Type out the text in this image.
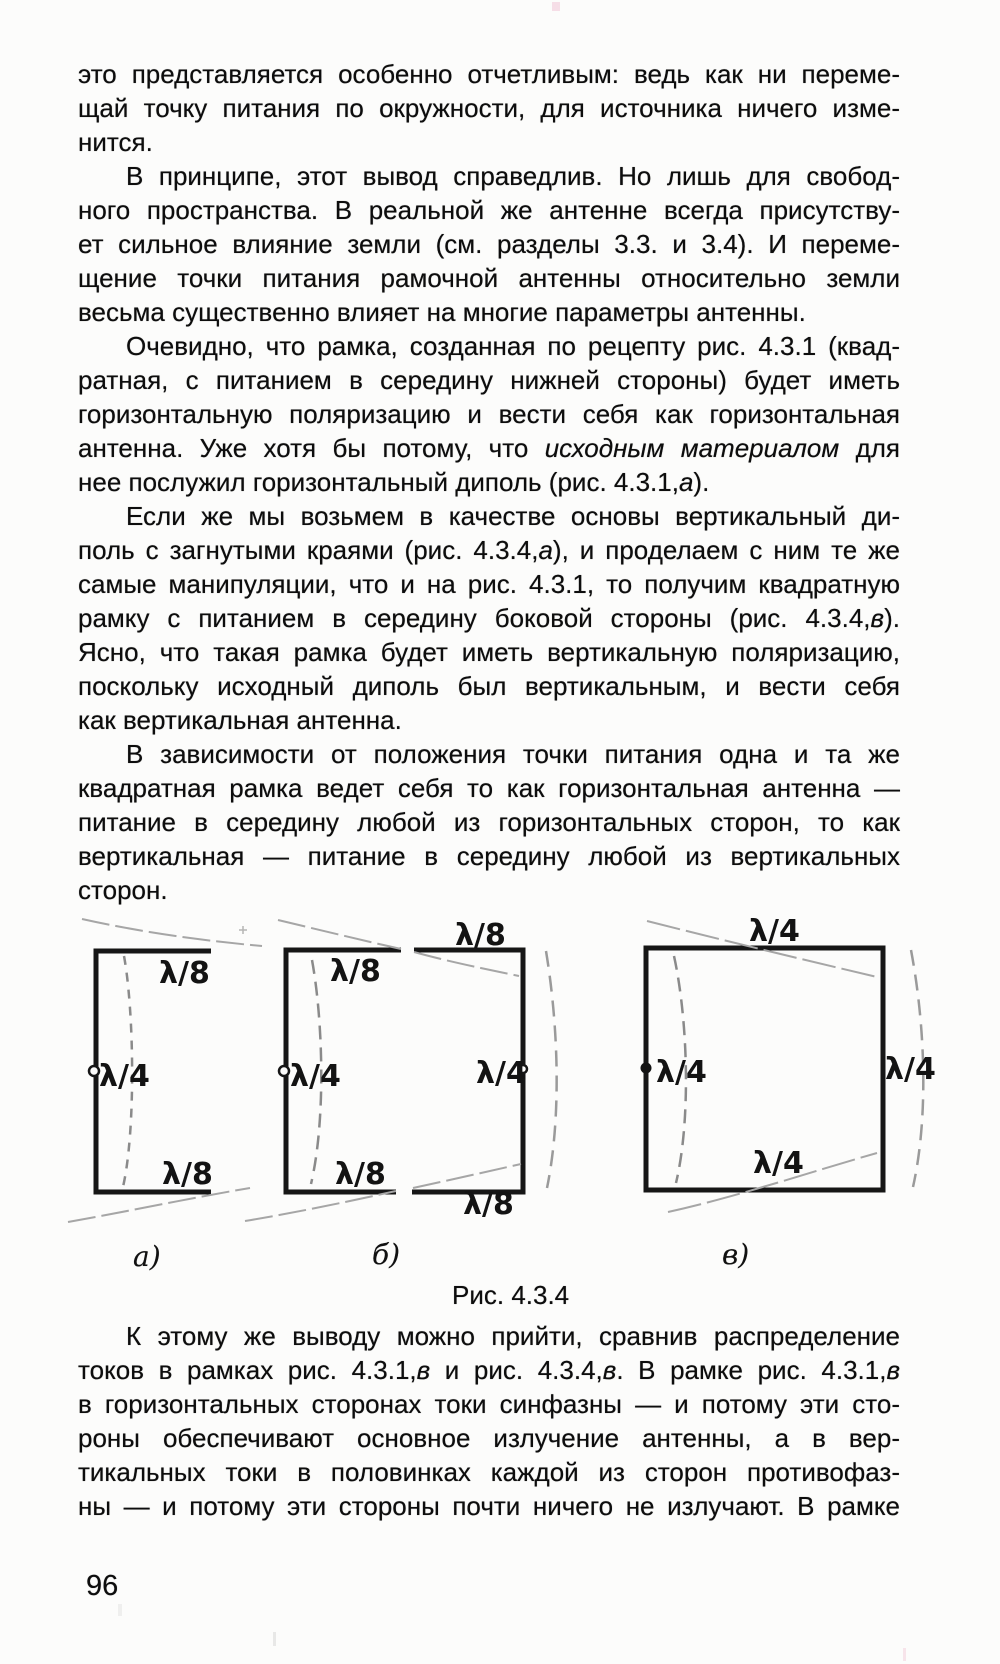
это представляется особенно отчетливым: ведь как ни переме-
щай точку питания по окружности, для источника ничего изме-
нится.
В принципе, этот вывод справедлив. Но лишь для свобод-
ного пространства. В реальной же антенне всегда присутству-
ет сильное влияние земли (см. разделы 3.3. и 3.4). И переме-
щение точки питания рамочной антенны относительно земли
весьма существенно влияет на многие параметры антенны.
Очевидно, что рамка, созданная по рецепту рис. 4.3.1 (квад-
ратная, с питанием в середину нижней стороны) будет иметь
горизонтальную поляризацию и вести себя как горизонтальная
антенна. Уже хотя бы потому, что исходным материалом для
нее послужил горизонтальный диполь (рис. 4.3.1,а).
Если же мы возьмем в качестве основы вертикальный ди-
поль с загнутыми краями (рис. 4.3.4,а), и проделаем с ним те же
самые манипуляции, что и на рис. 4.3.1, то получим квадратную
рамку с питанием в середину боковой стороны (рис. 4.3.4,в).
Ясно, что такая рамка будет иметь вертикальную поляризацию,
поскольку исходный диполь был вертикальным, и вести себя
как вертикальная антенна.
В зависимости от положения точки питания одна и та же
квадратная рамка ведет себя то как горизонтальная антенна —
питание в середину любой из горизонтальных сторон, то как
вертикальная — питание в середину любой из вертикальных
сторон.
λ/8
λ/4
λ/8
λ/8
λ/8
λ/4	λ/4
λ/8
λ/8
λ/4
λ/4	λ/4
λ/4
а)	б)	в)
Рис. 4.3.4
К этому же выводу можно прийти, сравнив распределение
токов в рамках рис. 4.3.1,в и рис. 4.3.4,в. В рамке рис. 4.3.1,в
в горизонтальных сторонах токи синфазны — и потому эти сто-
роны обеспечивают основное излучение антенны, а в вер-
тикальных токи в половинках каждой из сторон противофаз-
ны — и потому эти стороны почти ничего не излучают. В рамке
96
